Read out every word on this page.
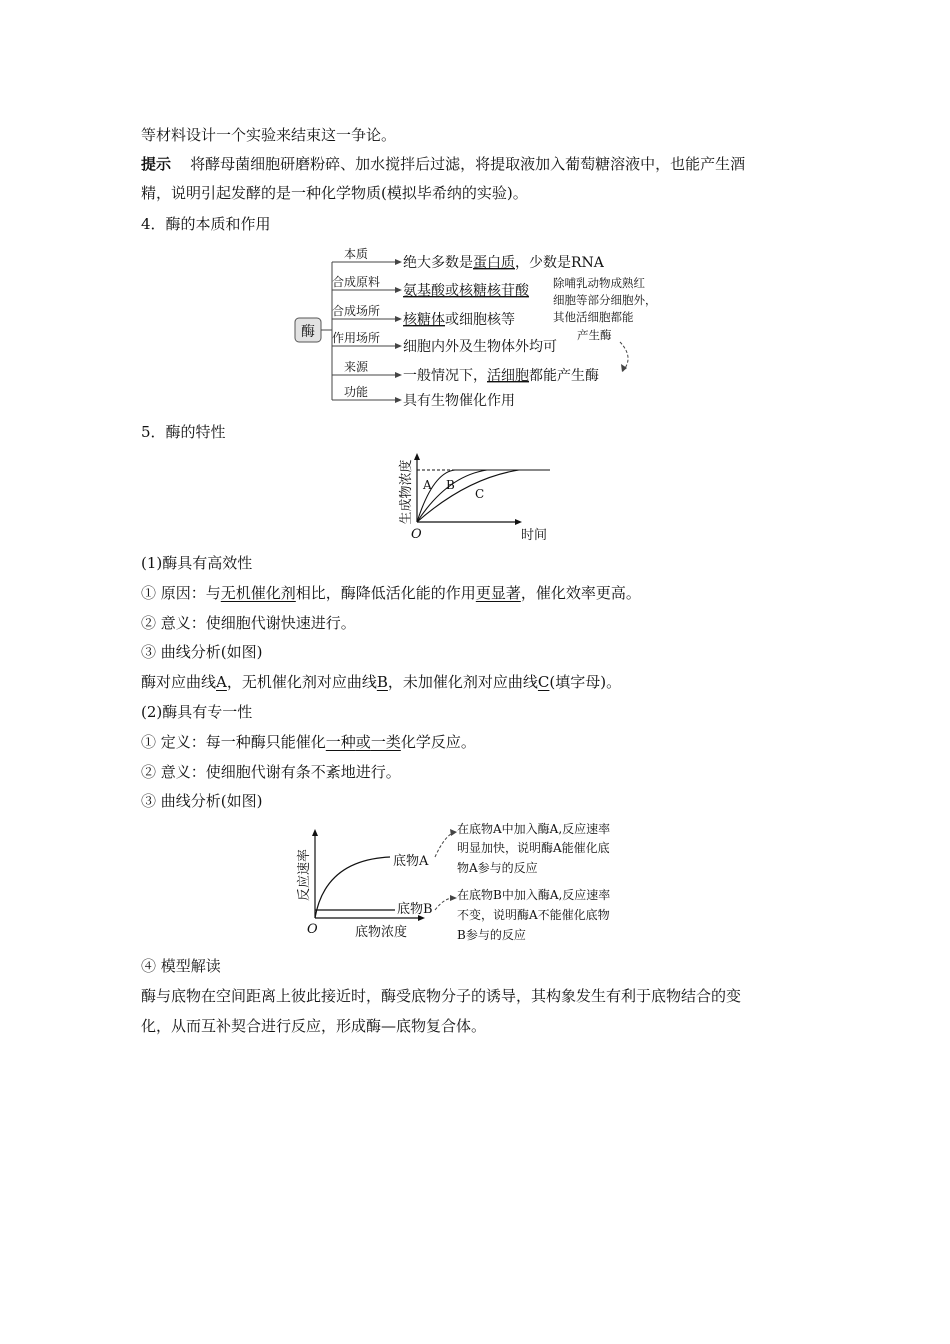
等材料设计一个实验来结束这一争论。
提示 将酵母菌细胞研磨粉碎、加水搅拌后过滤，将提取液加入葡萄糖溶液中，也能产生酒
精，说明引起发酵的是一种化学物质(模拟毕希纳的实验)。
4．酶的本质和作用
酶
本质
绝大多数是蛋白质，少数是RNA
合成原料
氨基酸或核糖核苷酸
合成场所
核糖体或细胞核等
作用场所
细胞内外及生物体外均可
来源
一般情况下，活细胞都能产生酶
功能
具有生物催化作用
除哺乳动物成熟红
细胞等部分细胞外，
其他活细胞都能
产生酶
5．酶的特性
A B
C
O	时间
生成物浓度
(1)酶具有高效性
① 原因：与无机催化剂相比，酶降低活化能的作用更显著，催化效率更高。
② 意义：使细胞代谢快速进行。
③ 曲线分析(如图)
酶对应曲线A，无机催化剂对应曲线B，未加催化剂对应曲线C(填字母)。
(2)酶具有专一性
① 定义：每一种酶只能催化一种或一类化学反应。
② 意义：使细胞代谢有条不紊地进行。
③ 曲线分析(如图)
底物A
底物B
O	底物浓度
反应速率
在底物A中加入酶A,反应速率
明显加快，说明酶A能催化底
物A参与的反应
在底物B中加入酶A,反应速率
不变，说明酶A不能催化底物
B参与的反应
④ 模型解读
酶与底物在空间距离上彼此接近时，酶受底物分子的诱导，其构象发生有利于底物结合的变
化，从而互补契合进行反应，形成酶—底物复合体。
